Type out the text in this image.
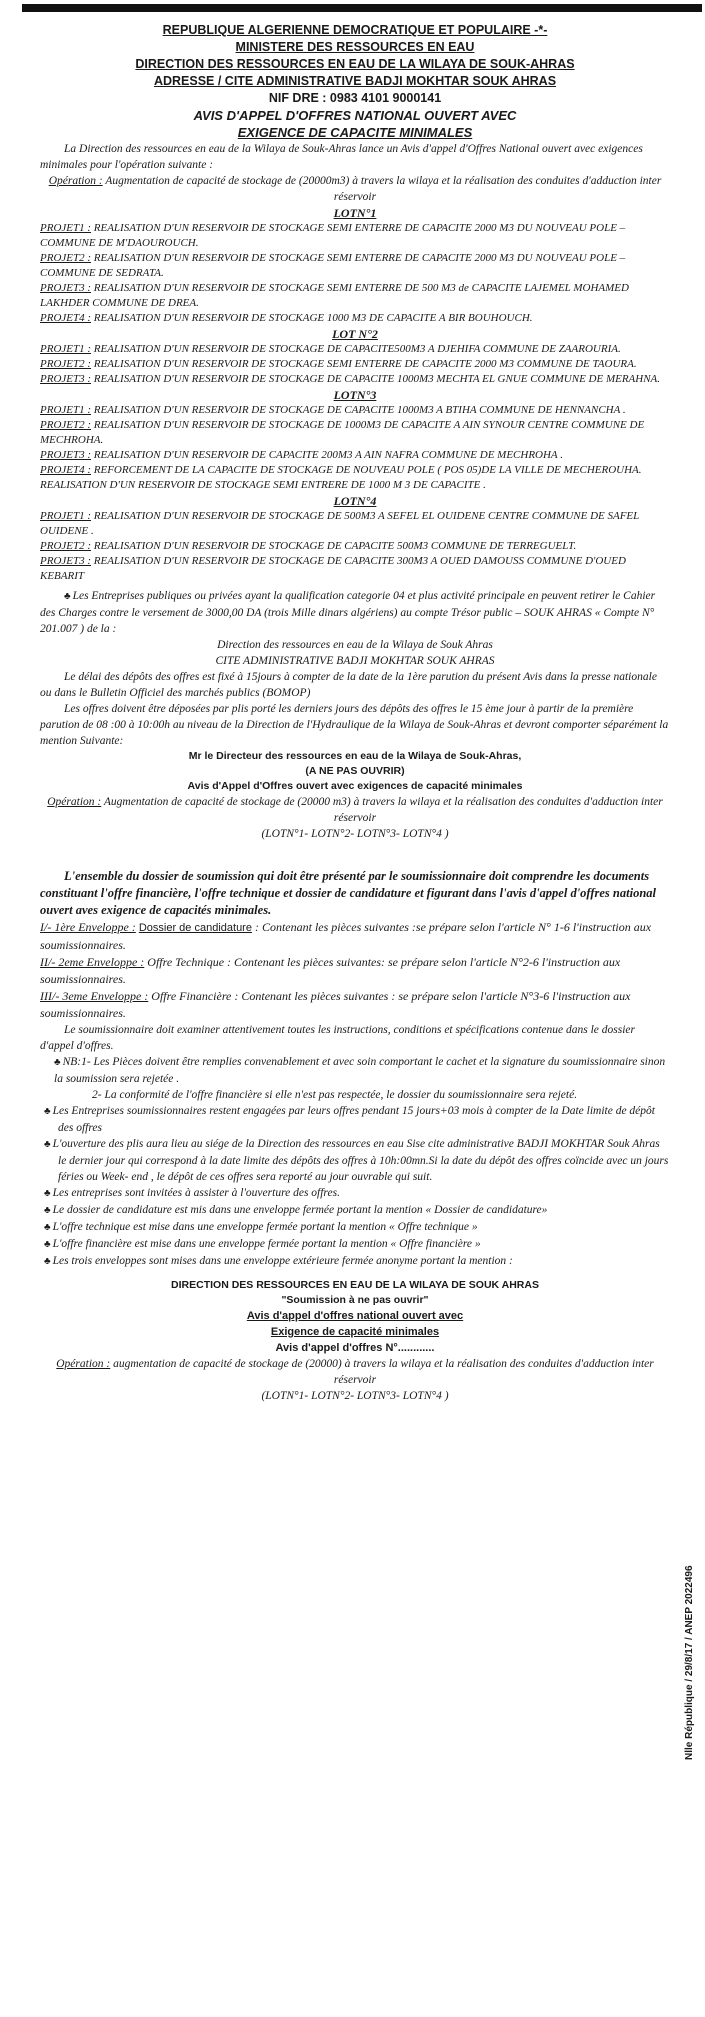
Nlle République / 29/8/17 / ANEP 2022496
REPUBLIQUE ALGERIENNE DEMOCRATIQUE ET POPULAIRE -*-
MINISTERE DES RESSOURCES EN EAU
DIRECTION DES RESSOURCES EN EAU DE LA WILAYA DE SOUK-AHRAS
ADRESSE / CITE ADMINISTRATIVE BADJI MOKHTAR SOUK AHRAS
NIF DRE : 0983 4101 9000141
AVIS D'APPEL D'OFFRES NATIONAL OUVERT AVEC
EXIGENCE DE CAPACITE MINIMALES

La Direction des ressources en eau de la Wilaya de Souk-Ahras lance un Avis d'appel d'Offres National ouvert avec exigences minimales pour l'opération suivante :

Opération : Augmentation de capacité de stockage de (20000m3) à travers la wilaya et la réalisation des conduites d'adduction inter réservoir

LOTN°1

PROJET1 : REALISATION D'UN RESERVOIR DE STOCKAGE SEMI ENTERRE DE CAPACITE 2000 M3 DU NOUVEAU POLE – COMMUNE DE M'DAOUROUCH.

PROJET2 : REALISATION D'UN RESERVOIR DE STOCKAGE SEMI ENTERRE DE CAPACITE 2000 M3 DU NOUVEAU POLE – COMMUNE DE SEDRATA.

PROJET3 : REALISATION D'UN RESERVOIR DE STOCKAGE SEMI ENTERRE DE 500 M3 de CAPACITE LAJEMEL MOHAMED LAKHDER COMMUNE DE DREA.

PROJET4 : REALISATION D'UN RESERVOIR DE STOCKAGE 1000 M3 DE CAPACITE A BIR BOUHOUCH.

LOT N°2

PROJET1 : REALISATION D'UN RESERVOIR DE STOCKAGE DE CAPACITE500M3 A DJEHIFA COMMUNE DE ZAAROURIA.

PROJET2 : REALISATION D'UN RESERVOIR DE STOCKAGE SEMI ENTERRE DE CAPACITE 2000 M3 COMMUNE DE TAOURA.

PROJET3 : REALISATION D'UN RESERVOIR DE STOCKAGE DE CAPACITE 1000M3 MECHTA EL GNUE COMMUNE DE MERAHNA.

LOTN°3

PROJET1 : REALISATION D'UN RESERVOIR DE STOCKAGE DE CAPACITE 1000M3 A BTIHA COMMUNE DE HENNANCHA .

PROJET2 : REALISATION D'UN RESERVOIR DE STOCKAGE DE 1000M3 DE CAPACITE A AIN SYNOUR CENTRE COMMUNE DE MECHROHA.

PROJET3 : REALISATION D'UN RESERVOIR DE CAPACITE 200M3 A AIN NAFRA COMMUNE DE MECHROHA .

PROJET4 : REFORCEMENT DE LA CAPACITE DE STOCKAGE DE NOUVEAU POLE ( POS 05)DE LA VILLE DE MECHEROUHA.

REALISATION D'UN RESERVOIR DE STOCKAGE SEMI ENTRERE DE 1000 M 3 DE CAPACITE .

LOTN°4

PROJET1 : REALISATION D'UN RESERVOIR DE STOCKAGE DE 500M3 A SEFEL EL OUIDENE CENTRE COMMUNE DE SAFEL OUIDENE .

PROJET2 : REALISATION D'UN RESERVOIR DE STOCKAGE DE CAPACITE 500M3 COMMUNE DE TERREGUELT.

PROJET3 : REALISATION D'UN RESERVOIR DE STOCKAGE DE CAPACITE 300M3 A OUED DAMOUSS COMMUNE D'OUED KEBARIT

♣ Les Entreprises publiques ou privées ayant la qualification categorie 04 et plus activité principale en peuvent retirer le Cahier des Charges contre le versement de 3000,00 DA (trois Mille dinars algériens) au compte Trésor public – SOUK AHRAS « Compte N° 201.007 ) de la :

Direction des ressources en eau de la Wilaya de Souk Ahras

CITE ADMINISTRATIVE BADJI MOKHTAR SOUK AHRAS

Le délai des dépôts des offres est fixé à 15jours à compter de la date de la 1ère parution du présent Avis dans la presse nationale ou dans le Bulletin Officiel des marchés publics (BOMOP)

Les offres doivent être déposées par plis porté les derniers jours des dépôts des offres le 15 ème jour à partir de la première parution de 08 :00 à 10:00h au niveau de la Direction de l'Hydraulique de la Wilaya de Souk-Ahras et devront comporter séparément la mention Suivante:

Mr le Directeur des ressources en eau de la Wilaya de Souk-Ahras,

(A NE PAS OUVRIR)

Avis d'Appel d'Offres ouvert avec exigences de capacité minimales

Opération : Augmentation de capacité de stockage de (20000 m3) à travers la wilaya et la réalisation des conduites d'adduction inter réservoir

(LOTN°1- LOTN°2- LOTN°3- LOTN°4 )

L'ensemble du dossier de soumission qui doit être présenté par le soumissionnaire doit comprendre les documents constituant l'offre financière, l'offre technique et dossier de candidature et figurant dans l'avis d'appel d'offres national ouvert aves exigence de capacités minimales.

I/- 1ère Enveloppe : Dossier de candidature : Contenant les pièces suivantes :se prépare selon l'article N° 1-6 l'instruction aux soumissionnaires.

II/- 2eme Enveloppe : Offre Technique : Contenant les pièces suivantes: se prépare selon l'article N°2-6 l'instruction aux soumissionnaires.

III/- 3eme Enveloppe : Offre Financière : Contenant les pièces suivantes : se prépare selon l'article N°3-6 l'instruction aux soumissionnaires.

Le soumissionnaire doit examiner attentivement toutes les instructions, conditions et spécifications contenue dans le dossier d'appel d'offres.

♣ NB:1- Les Pièces doivent être remplies convenablement et avec soin comportant le cachet et la signature du soumissionnaire sinon la soumission sera rejetée .

2- La conformité de l'offre financière si elle n'est pas respectée, le dossier du soumissionnaire sera rejeté.

♣ Les Entreprises soumissionnaires restent engagées par leurs offres pendant 15 jours+03 mois à compter de la Date limite de dépôt des offres

♣ L'ouverture des plis aura lieu au siége de la Direction des ressources en eau Sise cite administrative BADJI MOKHTAR Souk Ahras le dernier jour qui correspond à la date limite des dépôts des offres à 10h:00mn.Si la date du dépôt des offres coïncide avec un jours féries ou Week- end , le dépôt de ces offres sera reporté au jour ouvrable qui suit.

♣ Les entreprises sont invitées à assister à l'ouverture des offres.

♣ Le dossier de candidature est mis dans une enveloppe fermée portant la mention « Dossier de candidature»

♣ L'offre technique est mise dans une enveloppe fermée portant la mention « Offre technique »

♣ L'offre financière est mise dans une enveloppe fermée portant la mention « Offre financière »

♣ Les trois enveloppes sont mises dans une enveloppe extérieure fermée anonyme portant la mention :

DIRECTION DES RESSOURCES EN EAU DE LA WILAYA DE SOUK AHRAS

"Soumission à ne pas ouvrir"

Avis d'appel d'offres national ouvert avec

Exigence de capacité minimales

Avis d'appel d'offres N°............

Opération : augmentation de capacité de stockage de (20000) à travers la wilaya et la réalisation des conduites d'adduction inter réservoir

(LOTN°1- LOTN°2- LOTN°3- LOTN°4 )
